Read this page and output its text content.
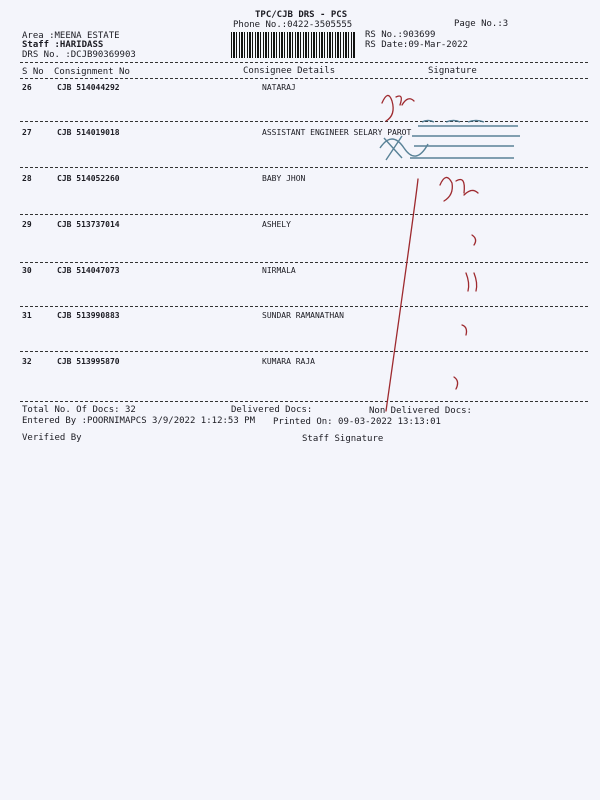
TPC/CJB DRS - PCS
Phone No.:0422-3505555	Page No.:3
Area :MEENA ESTATE
Staff :HARIDASS
DRS No. :DCJB90369903
RS No.:903699
RS Date:09-Mar-2022
S No Consignment No	Consignee Details	Signature
26	CJB 514044292	NATARAJ
27	CJB 514019018	ASSISTANT ENGINEER SELARY PAROT
28	CJB 514052260	BABY JHON
29	CJB 513737014	ASHELY
30	CJB 514047073	NIRMALA
31	CJB 513990883	SUNDAR RAMANATHAN
32	CJB 513995870	KUMARA RAJA
Total No. Of Docs: 32	Delivered Docs:	Non Delivered Docs:
Entered By :POORNIMAPCS 3/9/2022 1:12:53 PM Printed On: 09-03-2022 13:13:01
Verified By	Staff Signature
